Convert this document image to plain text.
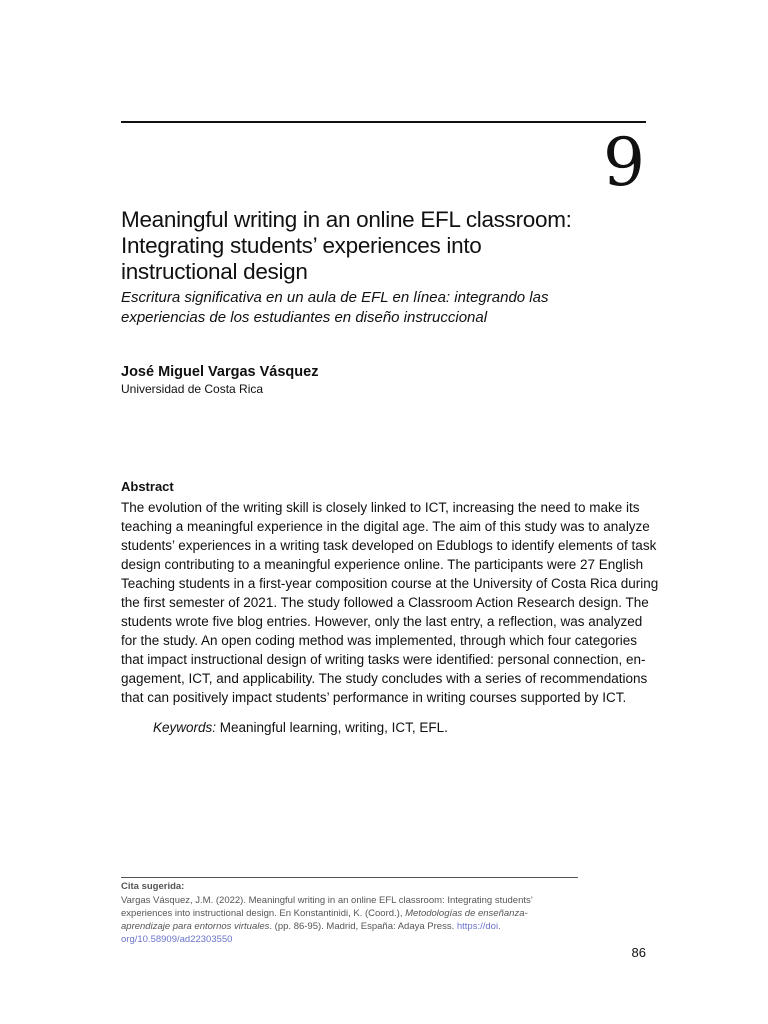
9
Meaningful writing in an online EFL classroom:
Integrating students’ experiences into
instructional design
Escritura significativa en un aula de EFL en línea: integrando las
experiencias de los estudiantes en diseño instruccional
José Miguel Vargas Vásquez
Universidad de Costa Rica
Abstract
The evolution of the writing skill is closely linked to ICT, increasing the need to make its
teaching a meaningful experience in the digital age. The aim of this study was to analyze
students’ experiences in a writing task developed on Edublogs to identify elements of task
design contributing to a meaningful experience online. The participants were 27 English
Teaching students in a first-year composition course at the University of Costa Rica during
the first semester of 2021. The study followed a Classroom Action Research design. The
students wrote five blog entries. However, only the last entry, a reflection, was analyzed
for the study. An open coding method was implemented, through which four categories
that impact instructional design of writing tasks were identified: personal connection, en-
gagement, ICT, and applicability. The study concludes with a series of recommendations
that can positively impact students’ performance in writing courses supported by ICT.
Keywords: Meaningful learning, writing, ICT, EFL.
Cita sugerida:
Vargas Vásquez, J.M. (2022). Meaningful writing in an online EFL classroom: Integrating students’
experiences into instructional design. En Konstantinidi, K. (Coord.), Metodologías de enseñanza-
aprendizaje para entornos virtuales. (pp. 86-95). Madrid, España: Adaya Press. https://doi.
org/10.58909/ad22303550
86
